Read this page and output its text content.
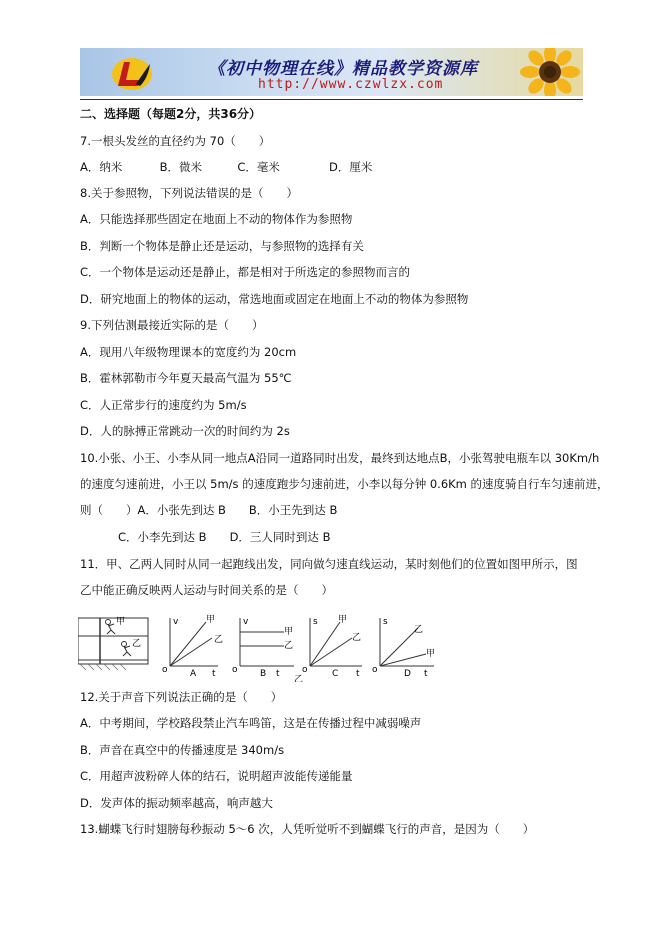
《初中物理在线》精品教学资源库
http://www.czwlzx.com
二、选择题（每题2分，共36分）
7.一根头发丝的直径约为 70（　　）
A．纳米	B．微米	C．毫米	D．厘米
8.关于参照物，下列说法错误的是（　　）
A．只能选择那些固定在地面上不动的物体作为参照物
B．判断一个物体是静止还是运动，与参照物的选择有关
C．一个物体是运动还是静止，都是相对于所选定的参照物而言的
D．研究地面上的物体的运动，常选地面或固定在地面上不动的物体为参照物
9.下列估测最接近实际的是（　　）
A．现用八年级物理课本的宽度约为 20cm
B．霍林郭勒市今年夏天最高气温为 55℃
C．人正常步行的速度约为 5m/s
D．人的脉搏正常跳动一次的时间约为 2s
10.小张、小王、小李从同一地点A沿同一道路同时出发，最终到达地点B，小张驾驶电瓶车以 30Km/h
的速度匀速前进，小王以 5m/s 的速度跑步匀速前进，小李以每分钟 0.6Km 的速度骑自行车匀速前进，
则（　　）A．小张先到达 B　　B．小王先到达 B
C．小李先到达 B　　D．三人同时到达 B
11．甲、乙两人同时从同一起跑线出发，同向做匀速直线运动，某时刻他们的位置如图甲所示，图
乙中能正确反映两人运动与时间关系的是（　　）
甲
乙
v	甲
乙
o A t
v
甲
乙
o B t
乙
s 甲
乙
o	C t
s
乙
甲
o	D t
12.关于声音下列说法正确的是（　　）
A．中考期间，学校路段禁止汽车鸣笛，这是在传播过程中减弱噪声
B．声音在真空中的传播速度是 340m/s
C．用超声波粉碎人体的结石，说明超声波能传递能量
D．发声体的振动频率越高，响声越大
13.蝴蝶飞行时翅膀每秒振动 5～6 次，人凭听觉听不到蝴蝶飞行的声音，是因为（　　）
